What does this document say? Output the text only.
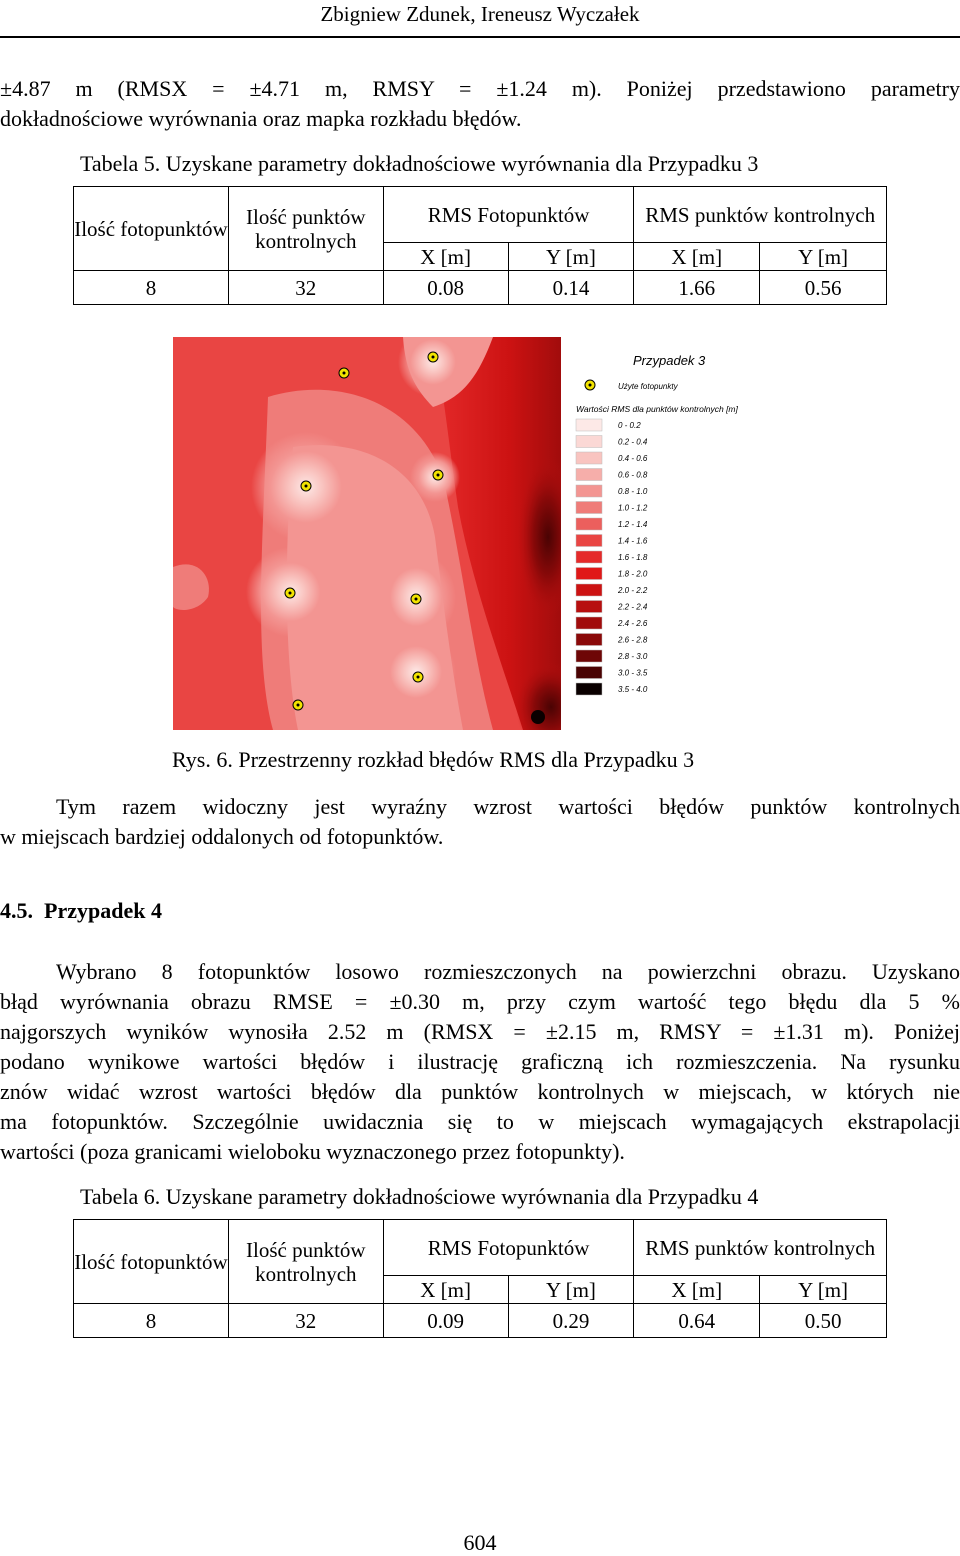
Zbigniew Zdunek, Ireneusz Wyczałek
±4.87 m (RMSX = ±4.71 m, RMSY = ±1.24 m). Poniżej przedstawiono parametry
dokładnościowe wyrównania oraz mapka rozkładu błędów.
Tabela 5. Uzyskane parametry dokładnościowe wyrównania dla Przypadku 3
Ilość fotopunktów	Ilość punktów kontrolnych	RMS Fotopunktów		RMS punktów kontrolnych	
		X [m]	Y [m]	X [m]	Y [m]
8	32	0.08	0.14	1.66	0.56
Przypadek 3
Użyte fotopunkty
Wartości RMS dla punktów kontrolnych [m]
0 - 0.2
0.2 - 0.4
0.4 - 0.6
0.6 - 0.8
0.8 - 1.0
1.0 - 1.2
1.2 - 1.4
1.4 - 1.6
1.6 - 1.8
1.8 - 2.0
2.0 - 2.2
2.2 - 2.4
2.4 - 2.6
2.6 - 2.8
2.8 - 3.0
3.0 - 3.5
3.5 - 4.0
Rys. 6. Przestrzenny rozkład błędów RMS dla Przypadku 3
Tym razem widoczny jest wyraźny wzrost wartości błędów punktów kontrolnych
w miejscach bardziej oddalonych od fotopunktów.
4.5. Przypadek 4
Wybrano 8 fotopunktów losowo rozmieszczonych na powierzchni obrazu. Uzyskano
błąd wyrównania obrazu RMSE = ±0.30 m, przy czym wartość tego błędu dla 5 %
najgorszych wyników wynosiła 2.52 m (RMSX = ±2.15 m, RMSY = ±1.31 m). Poniżej
podano wynikowe wartości błędów i ilustrację graficzną ich rozmieszczenia. Na rysunku
znów widać wzrost wartości błędów dla punktów kontrolnych w miejscach, w których nie
ma fotopunktów. Szczególnie uwidacznia się to w miejscach wymagających ekstrapolacji
wartości (poza granicami wieloboku wyznaczonego przez fotopunkty).
Tabela 6. Uzyskane parametry dokładnościowe wyrównania dla Przypadku 4
Ilość fotopunktów	Ilość punktów kontrolnych	RMS Fotopunktów		RMS punktów kontrolnych	
		X [m]	Y [m]	X [m]	Y [m]
8	32	0.09	0.29	0.64	0.50
604
